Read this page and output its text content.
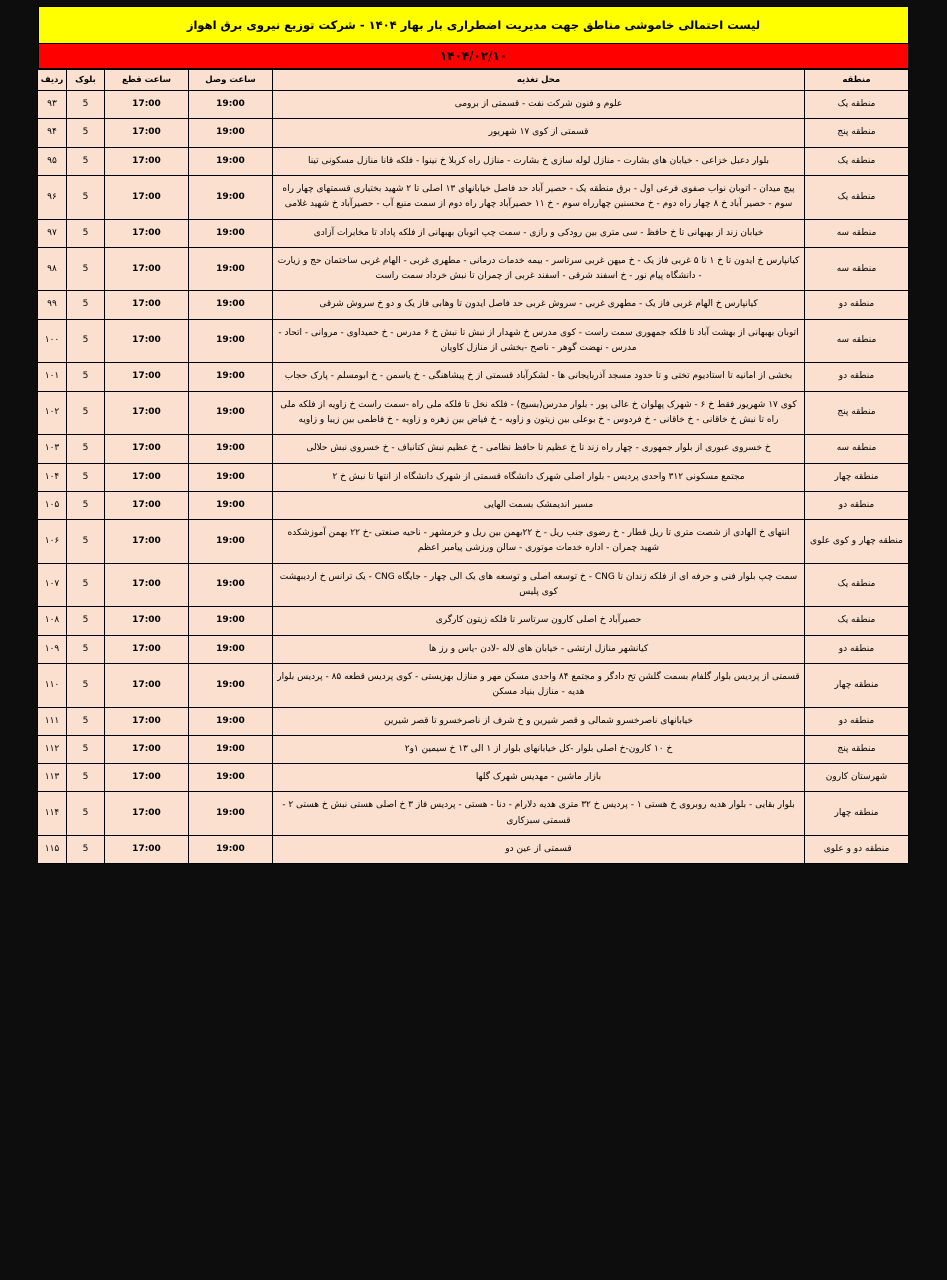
لیست احتمالی خاموشی مناطق جهت مدیریت اضطراری بار بهار ۱۴۰۴ - شرکت توزیع نیروی برق اهواز
۱۴۰۴/۰۲/۱۰
منطقه	محل تغذیه	ساعت وصل	ساعت قطع	بلوک	ردیف
منطقه یک	علوم و فنون شرکت نفت - قسمتی از برومی	19:00	17:00	5	۹۳
منطقه پنج	قسمتی از کوی ۱۷ شهریور	19:00	17:00	5	۹۴
منطقه یک	بلوار دعبل خزاعی - خیابان های بشارت - منازل لوله سازی خ بشارت - منازل راه کربلا خ نینوا - فلکه قانا منازل مسکونی تینا	19:00	17:00	5	۹۵
منطقه یک	پیچ میدان - اتوبان نواب صفوی فرعی اول - برق منطقه یک - حصیر آباد حد فاصل خیابانهای ۱۳ اصلی تا ۲ شهید بختیاری قسمتهای چهار راه سوم - حصیر آباد خ ۸ چهار راه دوم - خ محسنین چهارراه سوم - خ ۱۱ حصیرآباد چهار راه دوم از سمت منبع آب - حصیرآباد خ شهید غلامی	19:00	17:00	5	۹۶
منطقه سه	خیابان زند از بهبهانی تا خ حافظ - سی متری بین رودکی و رازی - سمت چپ اتوبان بهبهانی از فلکه پاداد تا مخابرات آزادی	19:00	17:00	5	۹۷
منطقه سه	کیانپارس خ ایدون تا خ ۱ تا ۵ غربی فاز یک - خ میهن غربی سرتاسر - بیمه خدمات درمانی - مطهری غربی - الهام غربی ساختمان حج و زیارت - دانشگاه پیام نور - خ اسفند شرقی - اسفند غربی از چمران تا نبش خرداد سمت راست	19:00	17:00	5	۹۸
منطقه دو	کیانپارس خ الهام غربی فاز یک - مطهری غربی - سروش غربی حد فاصل ایدون تا وهابی فاز یک و دو خ سروش شرقی	19:00	17:00	5	۹۹
منطقه سه	اتوبان بهبهانی از بهشت آباد تا فلکه جمهوری سمت راست - کوی مدرس خ شهدار از نبش تا نبش خ ۶ مدرس - خ حمیداوی - مروانی - اتحاد - مدرس - نهضت گوهر - ناصح -بخشی از منازل کاویان	19:00	17:00	5	۱۰۰
منطقه دو	بخشی از امانیه تا استادیوم تختی و تا حدود مسجد آذربایجانی ها - لشکرآباد قسمتی از خ پیشاهنگی - خ یاسمن - خ ابومسلم - پارک حجاب	19:00	17:00	5	۱۰۱
منطقه پنج	کوی ۱۷ شهریور فقط خ ۶ - شهرک پهلوان خ عالی پور - بلوار مدرس(بسیج) - فلکه نخل تا فلکه ملی راه -سمت راست خ زاویه از فلکه ملی راه تا نبش خ خاقانی - خ خاقانی - خ فردوس - خ بوعلی بین زیتون و زاویه - خ فیاض بین زهره و زاویه - خ فاطمی بین زیبا و زاویه	19:00	17:00	5	۱۰۲
منطقه سه	خ خسروی عبوری از بلوار جمهوری - چهار راه زند تا خ عظیم تا حافظ نظامی - خ عظیم نبش کتانباف - خ خسروی نبش حلالی	19:00	17:00	5	۱۰۳
منطقه چهار	مجتمع مسکونی ۳۱۲ واحدی پردیس - بلوار اصلی شهرک دانشگاه قسمتی از شهرک دانشگاه از انتها تا نبش خ ۲	19:00	17:00	5	۱۰۴
منطقه دو	مسیر اندیمشک بسمت الهایی	19:00	17:00	5	۱۰۵
منطقه چهار و کوی علوی	انتهای خ الهادی از شصت متری تا ریل قطار - خ رضوی جنب ریل - خ ۲۲بهمن بین ریل و خرمشهر - ناحیه صنعتی -خ ۲۲ بهمن آموزشکده شهید چمران - اداره خدمات موتوری - سالن ورزشی پیامبر اعظم	19:00	17:00	5	۱۰۶
منطقه یک	سمت چپ بلوار فنی و حرفه ای از فلکه زندان تا CNG - خ توسعه اصلی و توسعه های یک الی چهار - جایگاه CNG - یک ترانس خ اردیبهشت کوی پلیس	19:00	17:00	5	۱۰۷
منطقه یک	حصیرآباد خ اصلی کارون سرتاسر تا فلکه زیتون کارگری	19:00	17:00	5	۱۰۸
منطقه دو	کیانشهر منازل ارتشی - خیابان های لاله -لادن -یاس و رز ها	19:00	17:00	5	۱۰۹
منطقه چهار	قسمتی از پردیس بلوار گلفام بسمت گلشن تخ دادگر و مجتمع ۸۴ واحدی مسکن مهر و منازل بهزیستی - کوی پردیس قطعه ۸۵ - پردیس بلوار هدیه - منازل بنیاد مسکن	19:00	17:00	5	۱۱۰
منطقه دو	خیابانهای ناصرخسرو شمالی و قصر شیرین و خ شرف از ناصرخسرو تا قصر شیرین	19:00	17:00	5	۱۱۱
منطقه پنج	خ ۱۰ کارون-خ اصلی بلوار -کل خیابانهای بلوار از ۱ الی ۱۳ خ سیمین ۱و۲	19:00	17:00	5	۱۱۲
شهرستان کارون	بازار ماشین - مهدیس شهرک گلها	19:00	17:00	5	۱۱۳
منطقه چهار	بلوار بقایی - بلوار هدیه روبروی خ هستی ۱ - پردیس خ ۳۲ متری هدیه دلارام - دنا - هستی - پردیس فاز ۳ خ اصلی هستی نبش خ هستی ۲ - قسمتی سبزکاری	19:00	17:00	5	۱۱۴
منطقه دو و علوی	قسمتی از عین دو	19:00	17:00	5	۱۱۵
